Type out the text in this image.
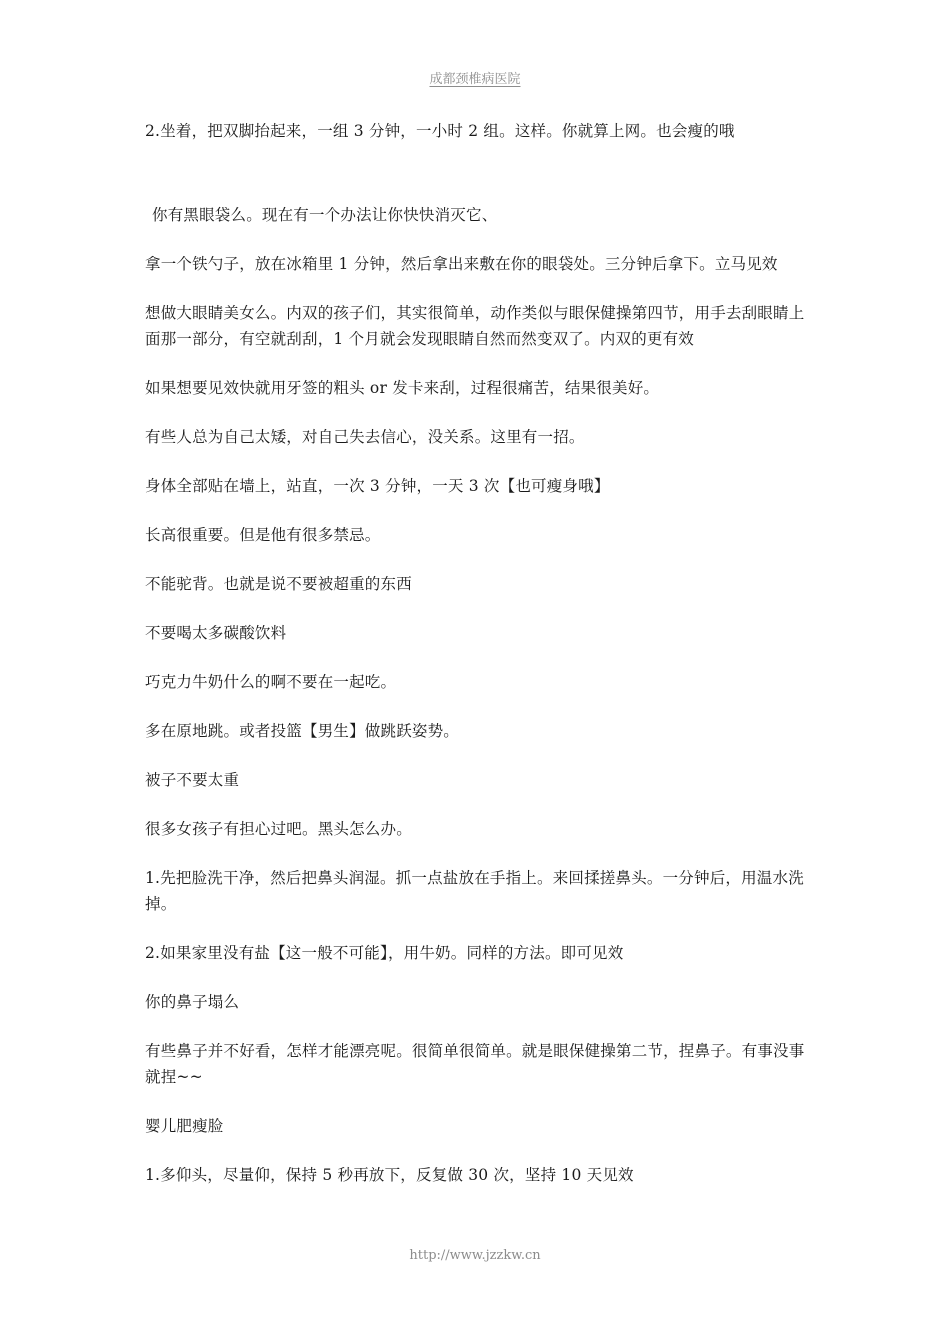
成都颈椎病医院

2.坐着，把双脚抬起来，一组 3 分钟，一小时 2 组。这样。你就算上网。也会瘦的哦

你有黑眼袋么。现在有一个办法让你快快消灭它、

拿一个铁勺子，放在冰箱里 1 分钟，然后拿出来敷在你的眼袋处。三分钟后拿下。立马见效

想做大眼睛美女么。内双的孩子们，其实很简单，动作类似与眼保健操第四节，用手去刮眼睛上面那一部分，有空就刮刮，1 个月就会发现眼睛自然而然变双了。内双的更有效

如果想要见效快就用牙签的粗头 or 发卡来刮，过程很痛苦，结果很美好。

有些人总为自己太矮，对自己失去信心，没关系。这里有一招。

身体全部贴在墙上，站直，一次 3 分钟，一天 3 次【也可瘦身哦】

长高很重要。但是他有很多禁忌。

不能驼背。也就是说不要被超重的东西

不要喝太多碳酸饮料

巧克力牛奶什么的啊不要在一起吃。

多在原地跳。或者投篮【男生】做跳跃姿势。

被子不要太重

很多女孩子有担心过吧。黑头怎么办。

1.先把脸洗干净，然后把鼻头润湿。抓一点盐放在手指上。来回揉搓鼻头。一分钟后，用温水洗掉。

2.如果家里没有盐【这一般不可能】，用牛奶。同样的方法。即可见效

你的鼻子塌么

有些鼻子并不好看，怎样才能漂亮呢。很简单很简单。就是眼保健操第二节，捏鼻子。有事没事就捏~~

婴儿肥瘦脸

1.多仰头，尽量仰，保持 5 秒再放下，反复做 30 次，坚持 10 天见效

http://www.jzzkw.cn
